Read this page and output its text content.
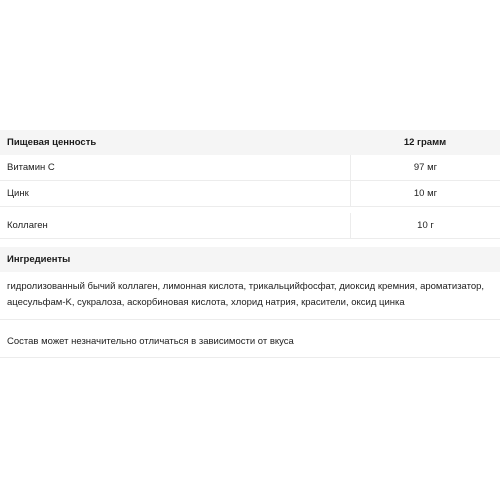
Пищевая ценность	12 грамм
Витамин C	97 мг
Цинк	10 мг
Коллаген	10 г
Ингредиенты
гидролизованный бычий коллаген, лимонная кислота, трикальцийфосфат, диоксид кремния, ароматизатор, ацесульфам-K, сукралоза, аскорбиновая кислота, хлорид натрия, красители, оксид цинка
Состав может незначительно отличаться в зависимости от вкуса
